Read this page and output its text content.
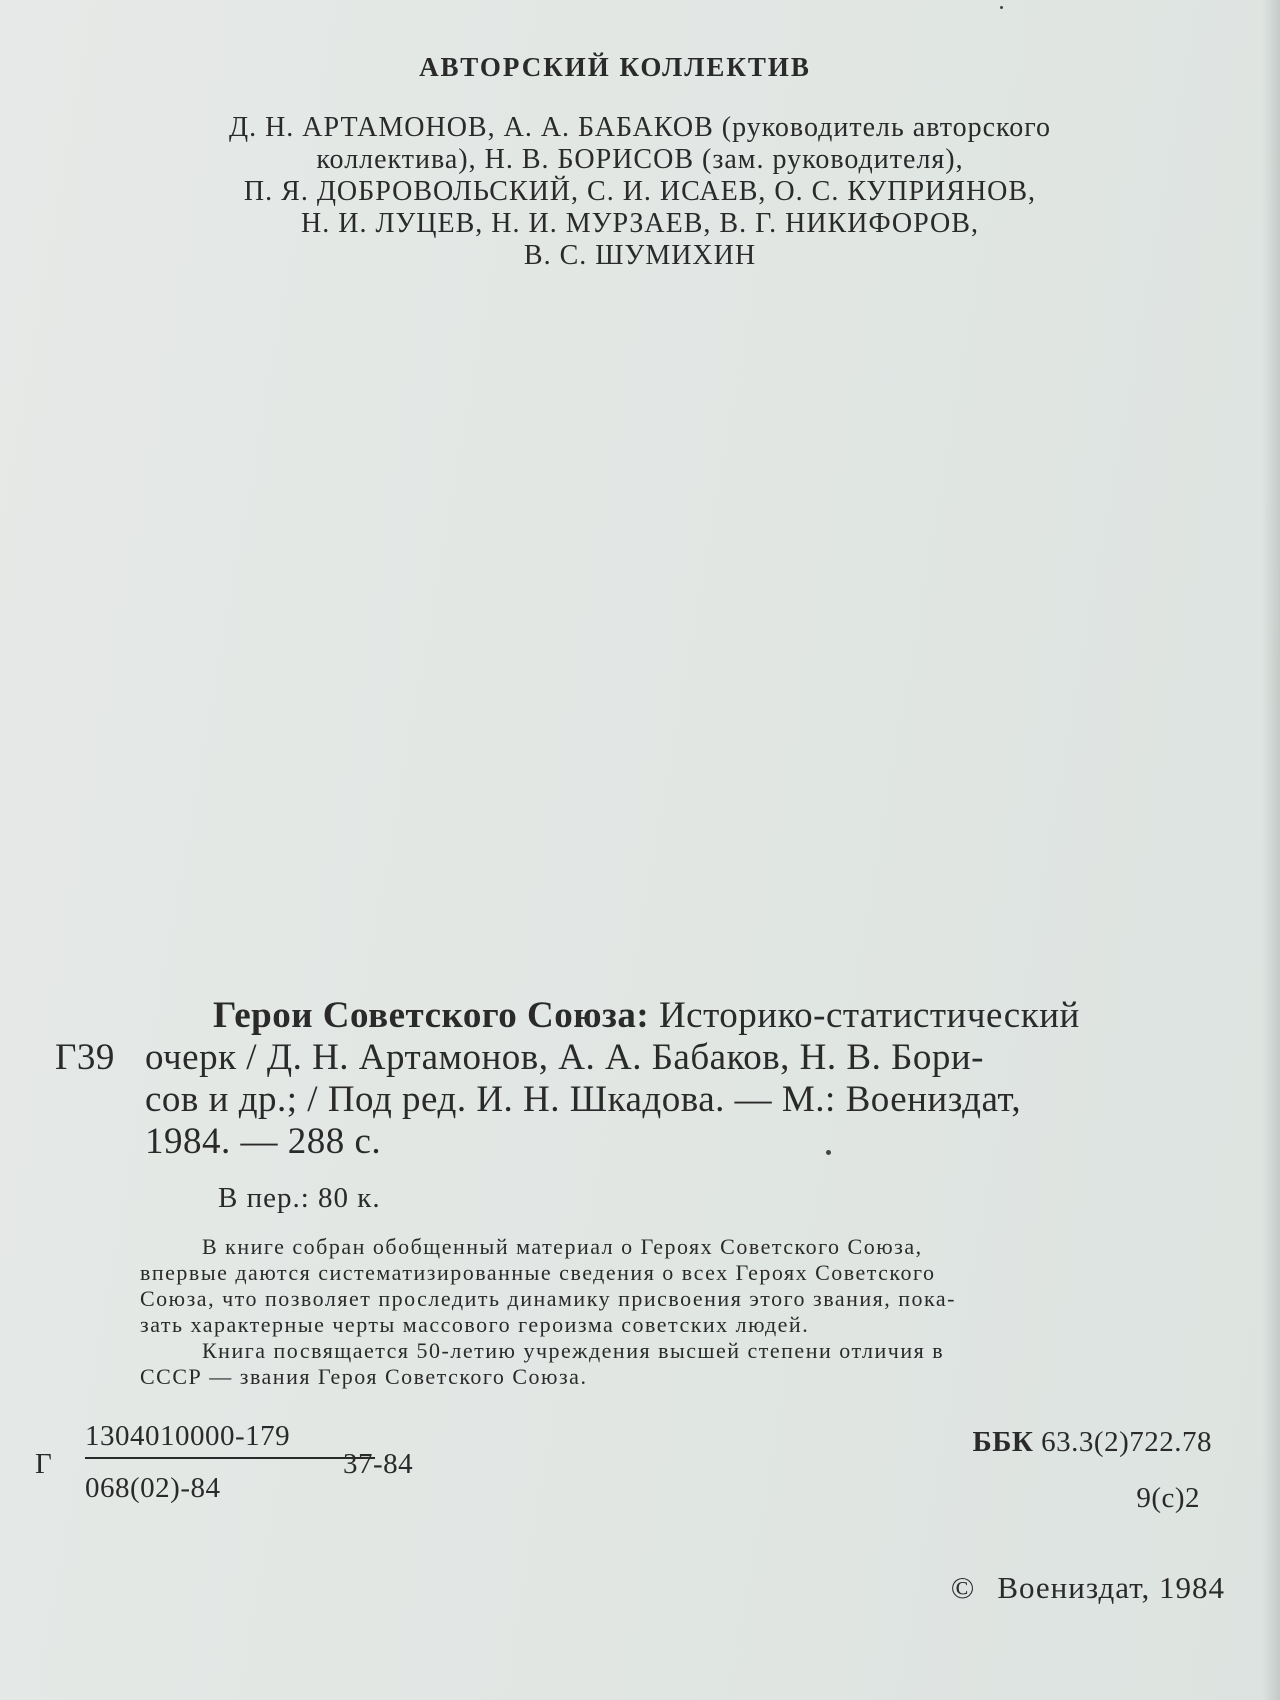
АВТОРСКИЙ КОЛЛЕКТИВ
Д. Н. АРТАМОНОВ, А. А. БАБАКОВ (руководитель авторского
коллектива), Н. В. БОРИСОВ (зам. руководителя),
П. Я. ДОБРОВОЛЬСКИЙ, С. И. ИСАЕВ, О. С. КУПРИЯНОВ,
Н. И. ЛУЦЕВ, Н. И. МУРЗАЕВ, В. Г. НИКИФОРОВ,
В. С. ШУМИХИН
Герои Советского Союза: Историко-статистический
Г39 очерк / Д. Н. Артамонов, А. А. Бабаков, Н. В. Бори-
сов и др.; / Под ред. И. Н. Шкадова. — М.: Воениздат,
1984. — 288 с.
В пер.: 80 к.
В книге собран обобщенный материал о Героях Советского Союза,
впервые даются систематизированные сведения о всех Героях Советского
Союза, что позволяет проследить динамику присвоения этого звания, пока-
зать характерные черты массового героизма советских людей.
Книга посвящается 50-летию учреждения высшей степени отличия в
СССР — звания Героя Советского Союза.
Г
1304010000-179
068(02)-84
37-84
ББК 63.3(2)722.78
9(с)2
© Воениздат, 1984
